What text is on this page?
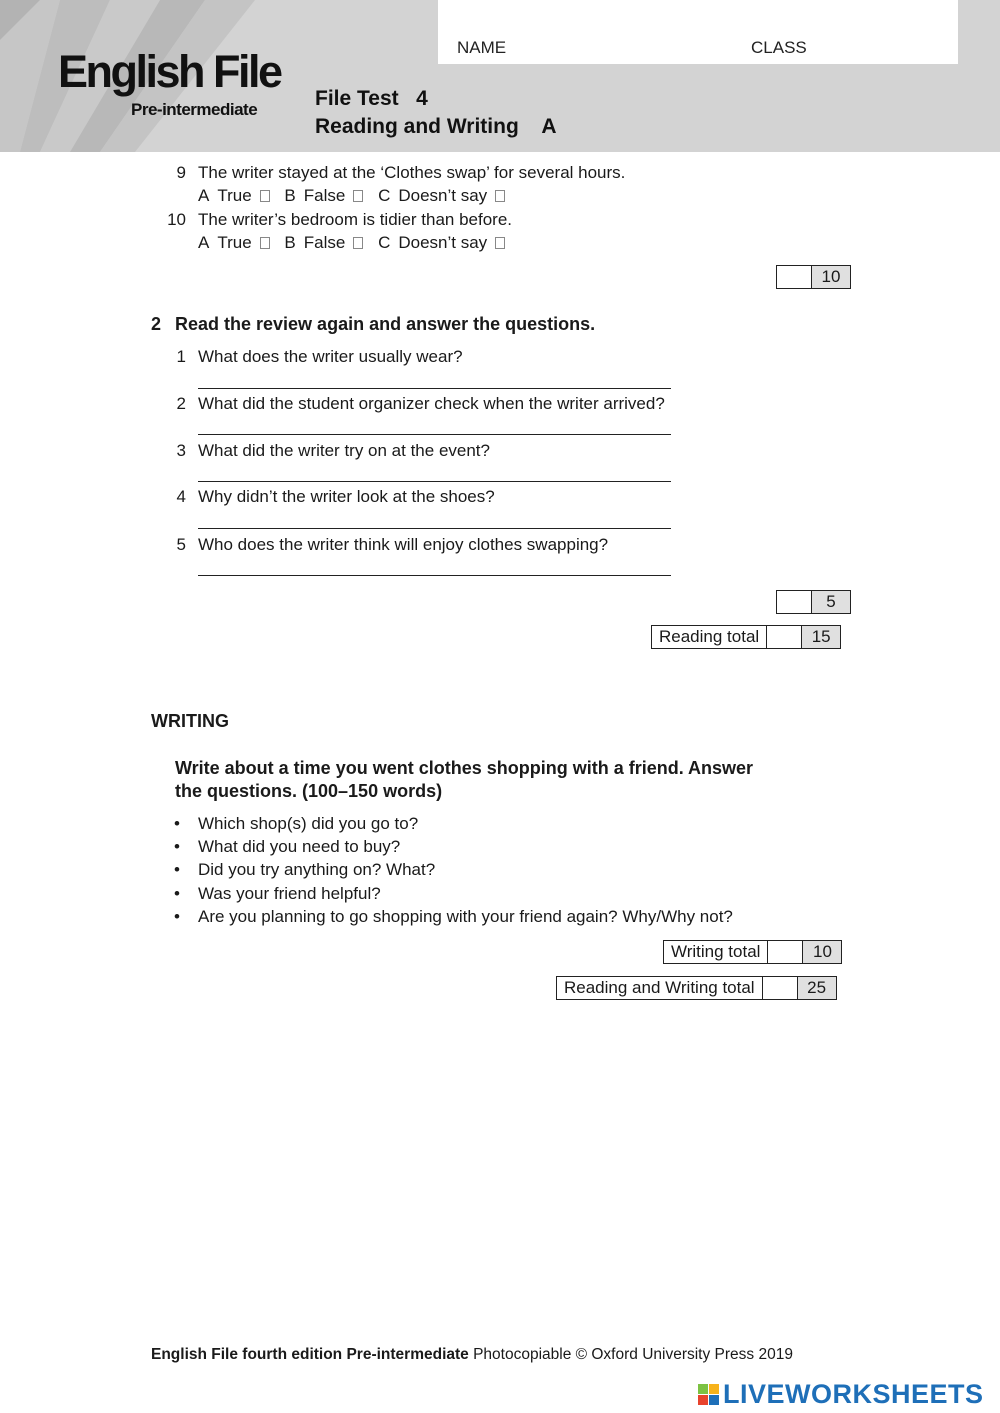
English File
Pre-intermediate
NAME	CLASS
File Test   4
Reading and Writing    A
9 The writer stayed at the ‘Clothes swap’ for several hours.
A True B False C Doesn’t say
10 The writer’s bedroom is tidier than before.
A True B False C Doesn’t say
10
2 Read the review again and answer the questions.
1 What does the writer usually wear?
2 What did the student organizer check when the writer arrived?
3 What did the writer try on at the event?
4 Why didn’t the writer look at the shoes?
5 Who does the writer think will enjoy clothes swapping?
5
Reading total	15
WRITING
Write about a time you went clothes shopping with a friend. Answer
the questions. (100–150 words)
• Which shop(s) did you go to?
• What did you need to buy?
• Did you try anything on? What?
• Was your friend helpful?
• Are you planning to go shopping with your friend again? Why/Why not?
Writing total	10
Reading and Writing total	25
English File fourth edition Pre-intermediate Photocopiable © Oxford University Press 2019
LIVEWORKSHEETS
